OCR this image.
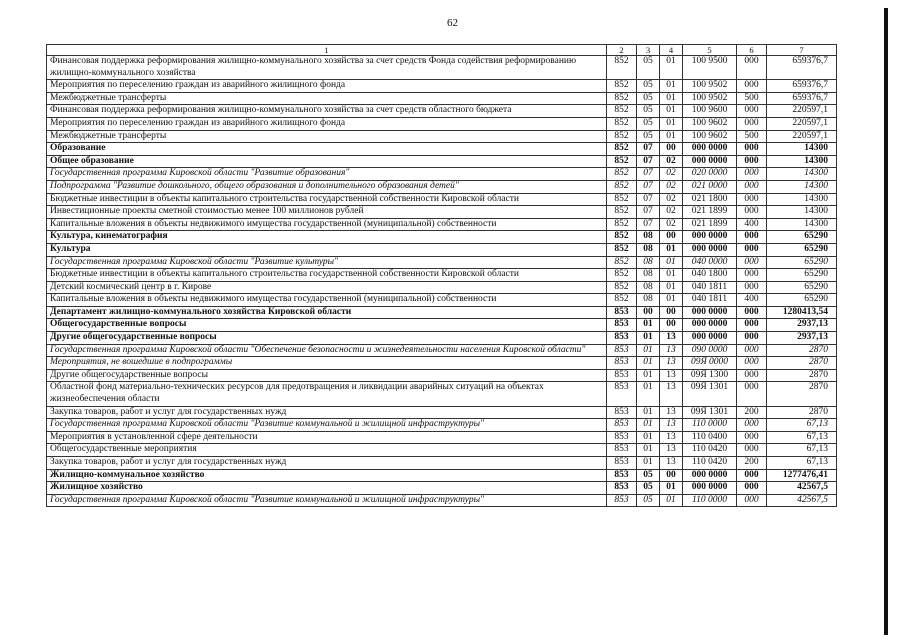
62
1	2	3	4	5	6	7
Финансовая поддержка реформирования жилищно-коммунального хозяйства за счет средств Фонда содействия реформированию жилищно-коммунального хозяйства	852	05	01	100 9500	000	659376,7
Мероприятия по переселению граждан из аварийного жилищного фонда	852	05	01	100 9502	000	659376,7
Межбюджетные трансферты	852	05	01	100 9502	500	659376,7
Финансовая поддержка реформирования жилищно-коммунального хозяйства за счет средств областного бюджета	852	05	01	100 9600	000	220597,1
Мероприятия по переселению граждан из аварийного жилищного фонда	852	05	01	100 9602	000	220597,1
Межбюджетные трансферты	852	05	01	100 9602	500	220597,1
Образование	852	07	00	000 0000	000	14300
Общее образование	852	07	02	000 0000	000	14300
Государственная программа Кировской области "Развитие образования"	852	07	02	020 0000	000	14300
Подпрограмма "Развитие дошкольного, общего образования и дополнительного образования детей"	852	07	02	021 0000	000	14300
Бюджетные инвестиции в объекты капитального строительства государственной собственности Кировской области	852	07	02	021 1800	000	14300
Инвестиционные проекты сметной стоимостью менее 100 миллионов рублей	852	07	02	021 1899	000	14300
Капитальные вложения в объекты недвижимого имущества государственной (муниципальной) собственности	852	07	02	021 1899	400	14300
Культура, кинематография	852	08	00	000 0000	000	65290
Культура	852	08	01	000 0000	000	65290
Государственная программа Кировской области "Развитие культуры"	852	08	01	040 0000	000	65290
Бюджетные инвестиции в объекты капитального строительства государственной собственности Кировской области	852	08	01	040 1800	000	65290
Детский космический центр в г. Кирове	852	08	01	040 1811	000	65290
Капитальные вложения в объекты недвижимого имущества государственной (муниципальной) собственности	852	08	01	040 1811	400	65290
Департамент жилищно-коммунального хозяйства Кировской области	853	00	00	000 0000	000	1280413,54
Общегосударственные вопросы	853	01	00	000 0000	000	2937,13
Другие общегосударственные вопросы	853	01	13	000 0000	000	2937,13
Государственная программа Кировской области "Обеспечение безопасности и жизнедеятельности населения Кировской области"	853	01	13	090 0000	000	2870
Мероприятия, не вошедшие в подпрограммы	853	01	13	09Я 0000	000	2870
Другие общегосударственные вопросы	853	01	13	09Я 1300	000	2870
Областной фонд материально-технических ресурсов для предотвращения и ликвидации аварийных ситуаций на объектах жизнеобеспечения области	853	01	13	09Я 1301	000	2870
Закупка товаров, работ и услуг для государственных нужд	853	01	13	09Я 1301	200	2870
Государственная программа Кировской области "Развитие коммунальной и жилищной инфраструктуры"	853	01	13	110 0000	000	67,13
Мероприятия в установленной сфере деятельности	853	01	13	110 0400	000	67,13
Общегосударственные мероприятия	853	01	13	110 0420	000	67,13
Закупка товаров, работ и услуг для государственных нужд	853	01	13	110 0420	200	67,13
Жилищно-коммунальное хозяйство	853	05	00	000 0000	000	1277476,41
Жилищное хозяйство	853	05	01	000 0000	000	42567,5
Государственная программа Кировской области "Развитие коммунальной и жилищной инфраструктуры"	853	05	01	110 0000	000	42567,5
